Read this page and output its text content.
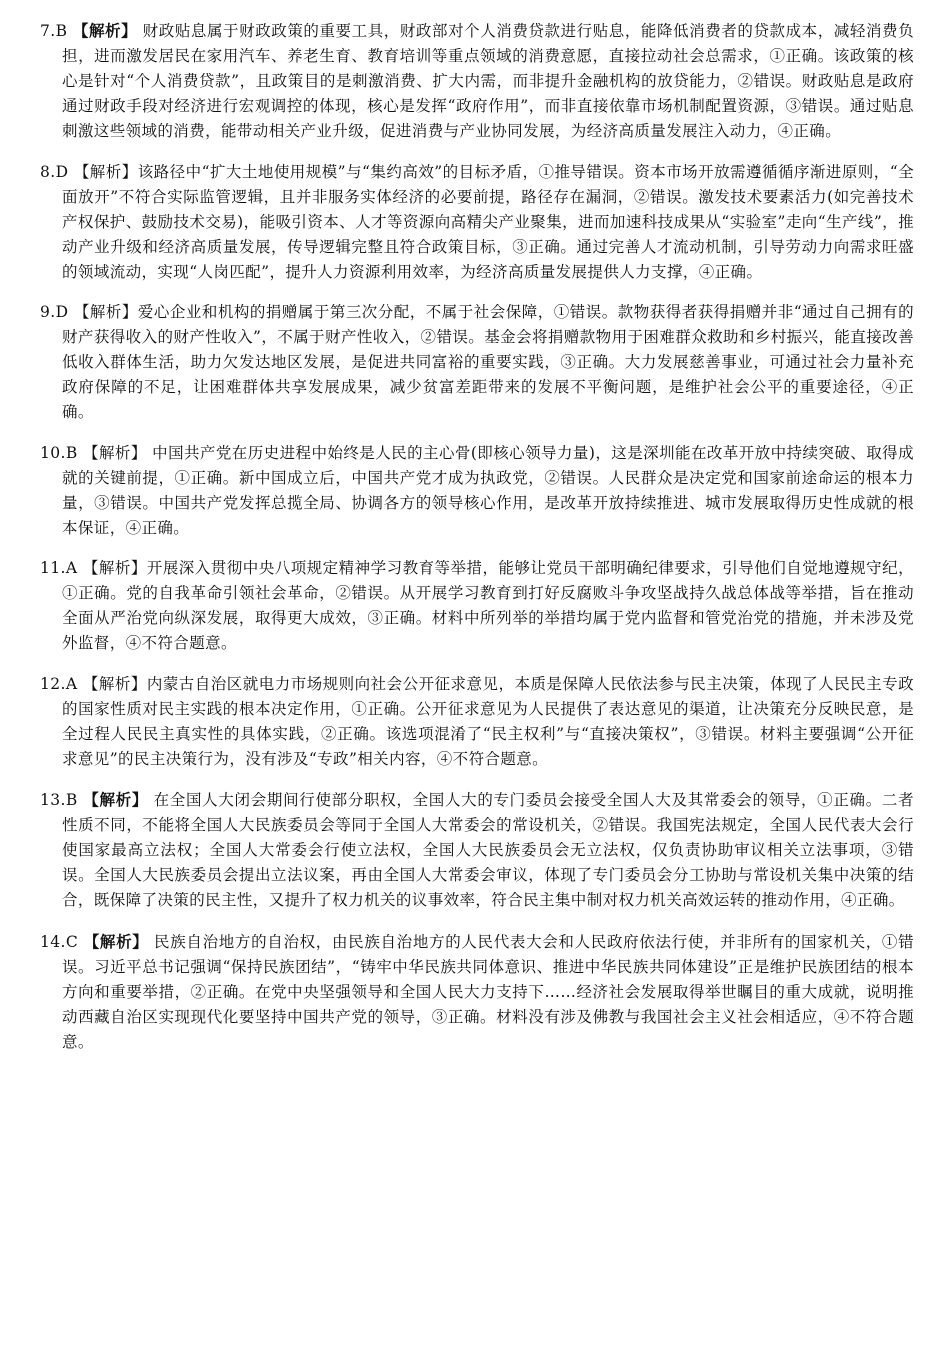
7.B 【解析】 财政贴息属于财政政策的重要工具，财政部对个人消费贷款进行贴息，能降低消费者的贷款成本，减轻消费负担，进而激发居民在家用汽车、养老生育、教育培训等重点领域的消费意愿，直接拉动社会总需求，①正确。该政策的核心是针对“个人消费贷款”，且政策目的是刺激消费、扩大内需，而非提升金融机构的放贷能力，②错误。财政贴息是政府通过财政手段对经济进行宏观调控的体现，核心是发挥“政府作用”，而非直接依靠市场机制配置资源，③错误。通过贴息刺激这些领域的消费，能带动相关产业升级，促进消费与产业协同发展，为经济高质量发展注入动力，④正确。

8.D 【解析】该路径中“扩大土地使用规模”与“集约高效”的目标矛盾，①推导错误。资本市场开放需遵循循序渐进原则，“全面放开”不符合实际监管逻辑，且并非服务实体经济的必要前提，路径存在漏洞，②错误。激发技术要素活力(如完善技术产权保护、鼓励技术交易)，能吸引资本、人才等资源向高精尖产业聚集，进而加速科技成果从“实验室”走向“生产线”，推动产业升级和经济高质量发展，传导逻辑完整且符合政策目标，③正确。通过完善人才流动机制，引导劳动力向需求旺盛的领域流动，实现“人岗匹配”，提升人力资源利用效率，为经济高质量发展提供人力支撑，④正确。

9.D 【解析】爱心企业和机构的捐赠属于第三次分配，不属于社会保障，①错误。款物获得者获得捐赠并非“通过自己拥有的财产获得收入的财产性收入”，不属于财产性收入，②错误。基金会将捐赠款物用于困难群众救助和乡村振兴，能直接改善低收入群体生活，助力欠发达地区发展，是促进共同富裕的重要实践，③正确。大力发展慈善事业，可通过社会力量补充政府保障的不足，让困难群体共享发展成果，减少贫富差距带来的发展不平衡问题，是维护社会公平的重要途径，④正确。

10.B 【解析】 中国共产党在历史进程中始终是人民的主心骨(即核心领导力量)，这是深圳能在改革开放中持续突破、取得成就的关键前提，①正确。新中国成立后，中国共产党才成为执政党，②错误。人民群众是决定党和国家前途命运的根本力量，③错误。中国共产党发挥总揽全局、协调各方的领导核心作用，是改革开放持续推进、城市发展取得历史性成就的根本保证，④正确。

11.A 【解析】开展深入贯彻中央八项规定精神学习教育等举措，能够让党员干部明确纪律要求，引导他们自觉地遵规守纪，①正确。党的自我革命引领社会革命，②错误。从开展学习教育到打好反腐败斗争攻坚战持久战总体战等举措，旨在推动全面从严治党向纵深发展，取得更大成效，③正确。材料中所列举的举措均属于党内监督和管党治党的措施，并未涉及党外监督，④不符合题意。

12.A 【解析】内蒙古自治区就电力市场规则向社会公开征求意见，本质是保障人民依法参与民主决策，体现了人民民主专政的国家性质对民主实践的根本决定作用，①正确。公开征求意见为人民提供了表达意见的渠道，让决策充分反映民意，是全过程人民民主真实性的具体实践，②正确。该选项混淆了“民主权利”与“直接决策权”，③错误。材料主要强调“公开征求意见”的民主决策行为，没有涉及“专政”相关内容，④不符合题意。

13.B 【解析】 在全国人大闭会期间行使部分职权，全国人大的专门委员会接受全国人大及其常委会的领导，①正确。二者性质不同，不能将全国人大民族委员会等同于全国人大常委会的常设机关，②错误。我国宪法规定，全国人民代表大会行使国家最高立法权；全国人大常委会行使立法权，全国人大民族委员会无立法权，仅负责协助审议相关立法事项，③错误。全国人大民族委员会提出立法议案，再由全国人大常委会审议，体现了专门委员会分工协助与常设机关集中决策的结合，既保障了决策的民主性，又提升了权力机关的议事效率，符合民主集中制对权力机关高效运转的推动作用，④正确。

14.C 【解析】 民族自治地方的自治权，由民族自治地方的人民代表大会和人民政府依法行使，并非所有的国家机关，①错误。习近平总书记强调“保持民族团结”，“铸牢中华民族共同体意识、推进中华民族共同体建设”正是维护民族团结的根本方向和重要举措，②正确。在党中央坚强领导和全国人民大力支持下……经济社会发展取得举世瞩目的重大成就，说明推动西藏自治区实现现代化要坚持中国共产党的领导，③正确。材料没有涉及佛教与我国社会主义社会相适应，④不符合题意。
